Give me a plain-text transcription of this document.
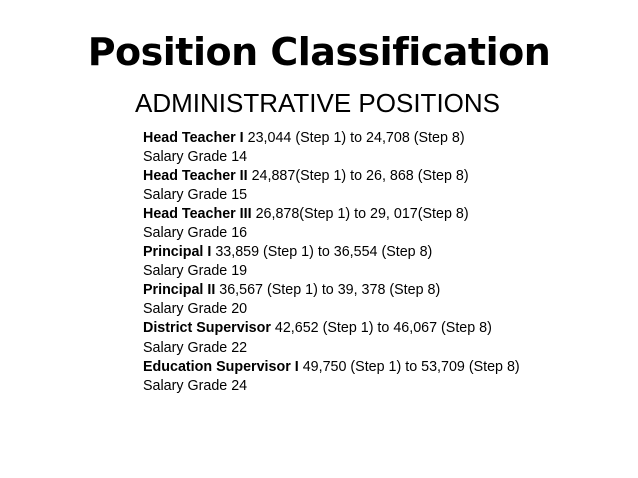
Position Classification
ADMINISTRATIVE POSITIONS
Head Teacher I 23,044 (Step 1) to 24,708 (Step 8)
Salary Grade 14
Head Teacher II 24,887(Step 1) to 26, 868 (Step 8)
Salary Grade 15
Head Teacher III 26,878(Step 1) to 29, 017(Step 8)
Salary Grade 16
Principal I 33,859 (Step 1) to 36,554 (Step 8)
Salary Grade 19
Principal II 36,567 (Step 1) to 39, 378 (Step 8)
Salary Grade 20
District Supervisor 42,652 (Step 1) to 46,067 (Step 8)
Salary Grade 22
Education Supervisor I 49,750 (Step 1) to 53,709 (Step 8)
Salary Grade 24
